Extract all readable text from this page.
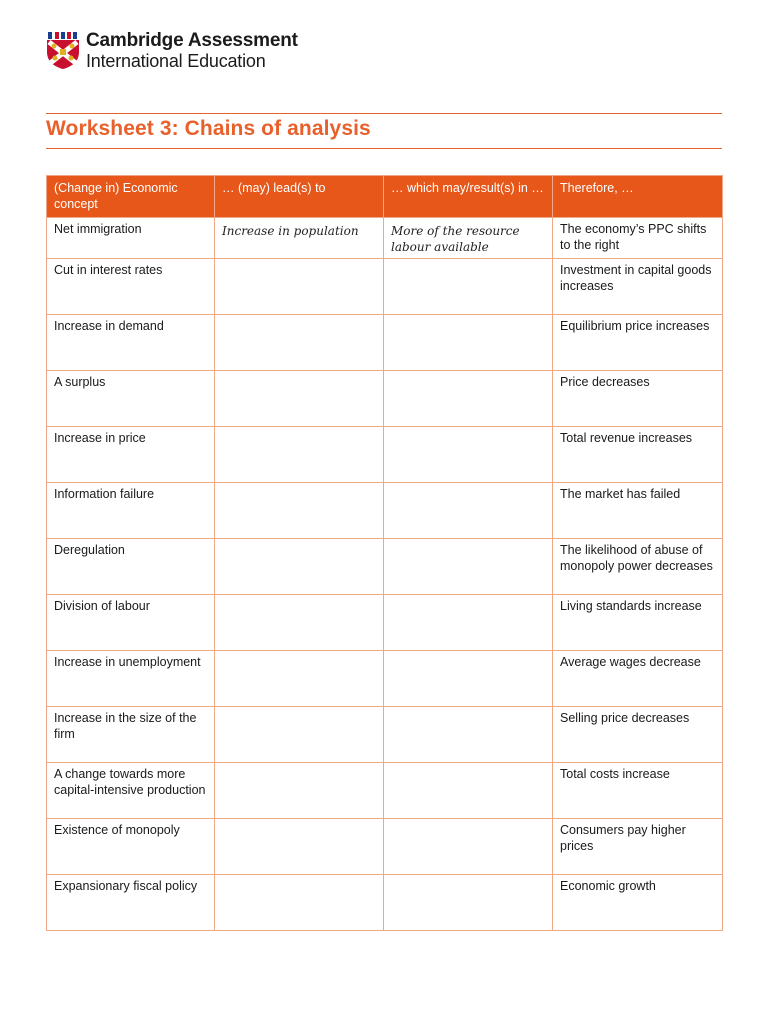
Cambridge Assessment
International Education
Worksheet 3: Chains of analysis
(Change in) Economic concept	… (may) lead(s) to	… which may/result(s) in …	Therefore, …
Net immigration	Increase in population	More of the resource labour available	The economy’s PPC shifts to the right
Cut in interest rates			Investment in capital goods increases
Increase in demand			Equilibrium price increases
A surplus			Price decreases
Increase in price			Total revenue increases
Information failure			The market has failed
Deregulation			The likelihood of abuse of monopoly power decreases
Division of labour			Living standards increase
Increase in unemployment			Average wages decrease
Increase in the size of the firm			Selling price decreases
A change towards more capital-intensive production			Total costs increase
Existence of monopoly			Consumers pay higher prices
Expansionary fiscal policy			Economic growth
